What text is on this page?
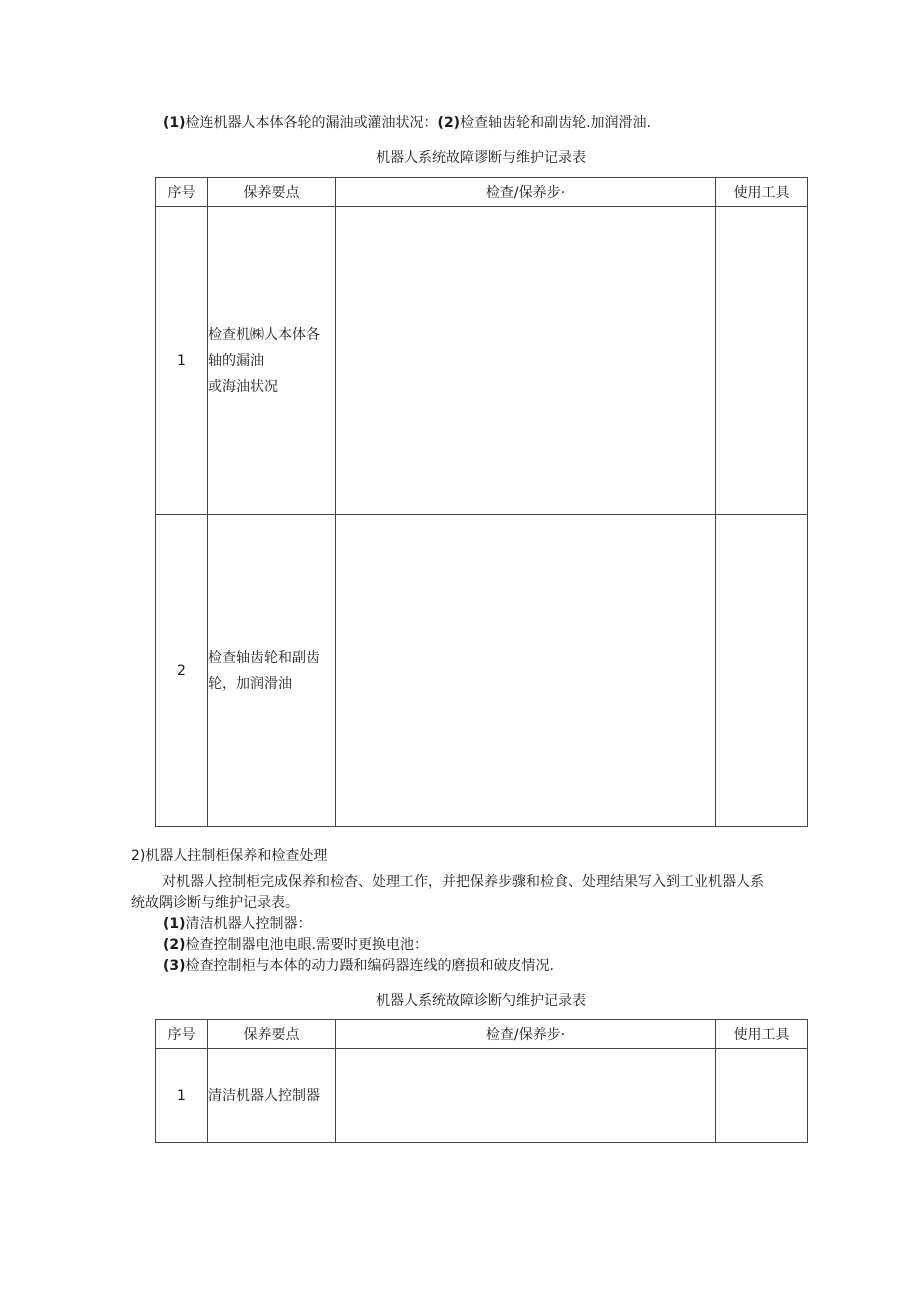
(1)检连机器人本体各轮的漏油或灌油状况：(2)检查轴齿轮和副齿轮.加润滑油.
机器人系统故障谬断与维护记录表
序号	保养要点	检查/保养步·	使用工具
1	检查机㈱人本体各
轴的漏油
或海油状况		

2	检查轴齿轮和副齿
轮，加润滑油		

2)机器人拄制柜保养和检查处理
对机器人控制柜完成保养和检杳、处理工作，并把保养步骤和检食、处理结果写入到工业机器人系
统故隅诊断与维护记录表。
(1)清洁机器人控制器：
(2)检查控制器电池电眼.需要时更换电池：
(3)检查控制柜与本体的动力蹑和编码器连线的磨损和破皮情况.
机器人系统故障诊断勺维护记录表
序号	保养要点	检查/保养步·	使用工具
1	清洁机器人控制器		
